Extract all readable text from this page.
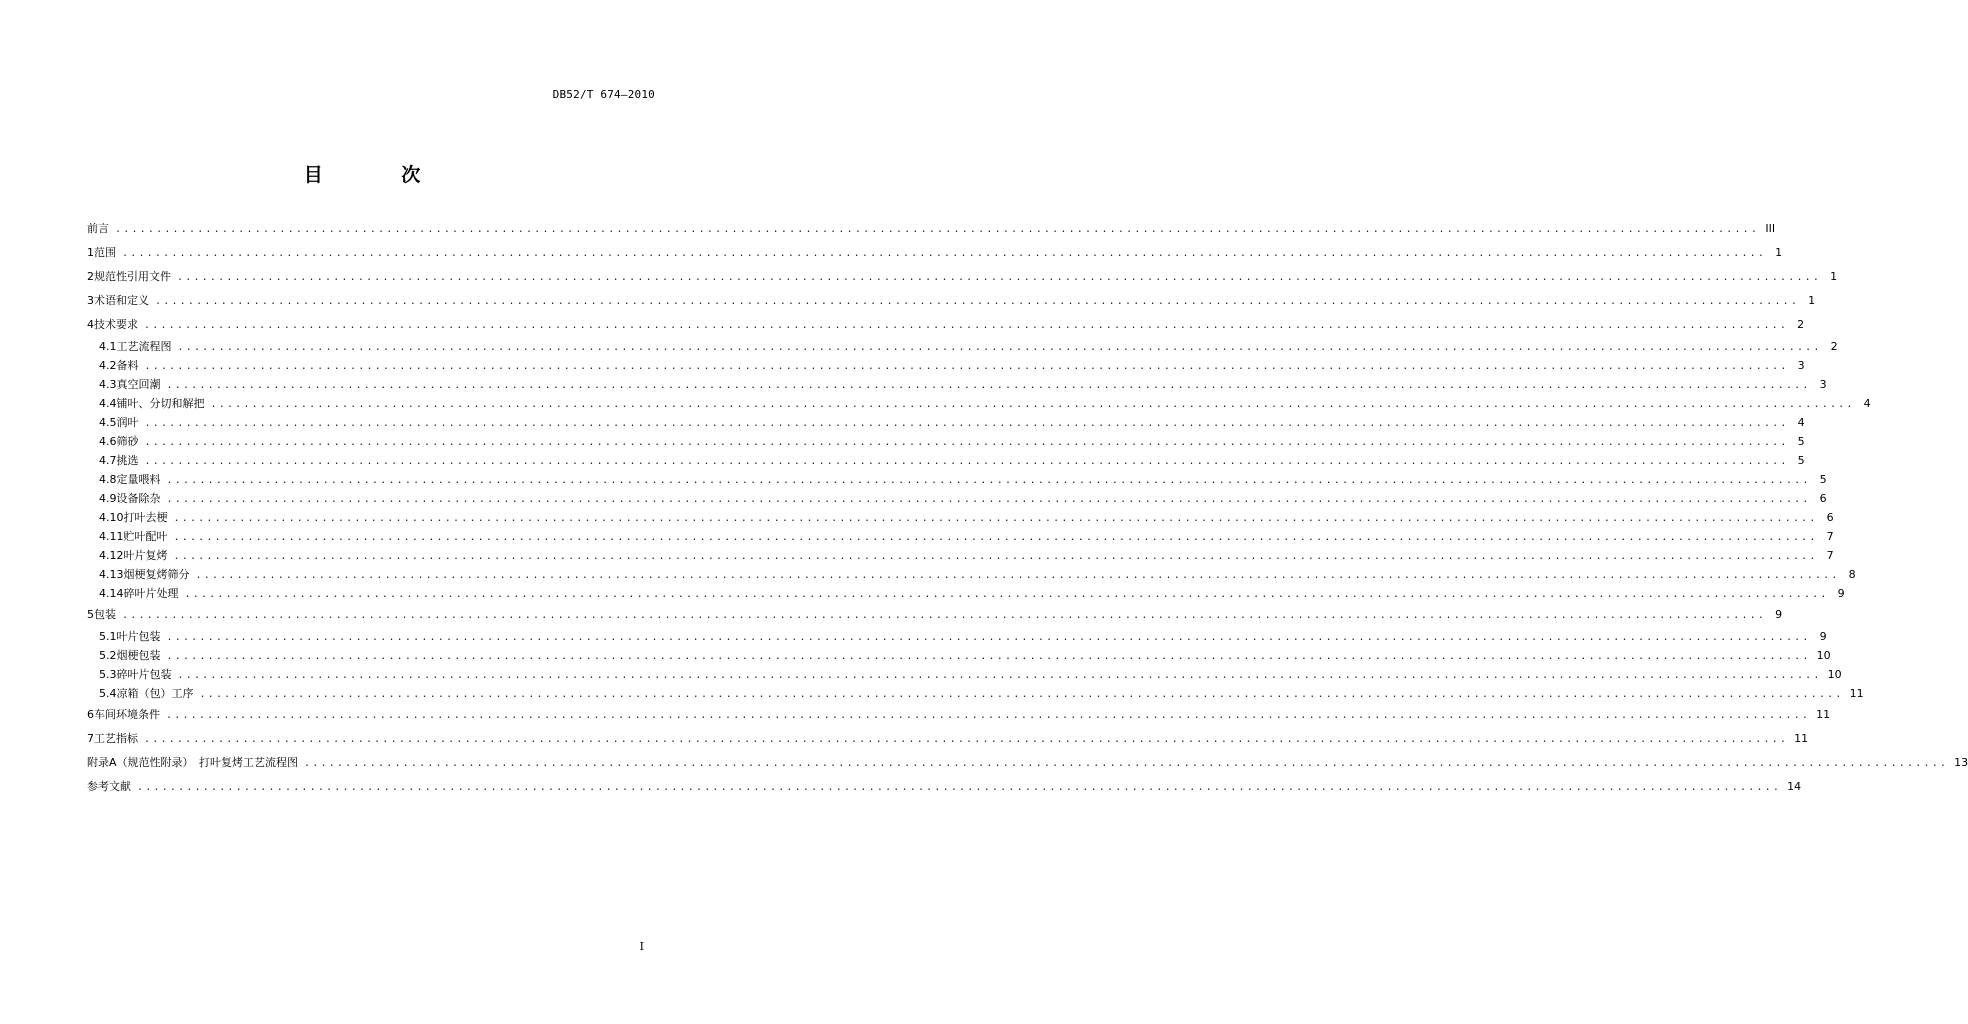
DB52/T 674—2010
目 次
前言 ........................................................................................................................................................................................................ III
1 范围 ........................................................................................................................................................................................................ 1
2 规范性引用文件 ........................................................................................................................................................................................................ 1
3 术语和定义 ........................................................................................................................................................................................................ 1
4 技术要求 ........................................................................................................................................................................................................ 2
4.1 工艺流程图 ........................................................................................................................................................................................................ 2
4.2 备料 ........................................................................................................................................................................................................ 3
4.3 真空回潮 ........................................................................................................................................................................................................ 3
4.4 铺叶、分切和解把 ........................................................................................................................................................................................................ 4
4.5 润叶 ........................................................................................................................................................................................................ 4
4.6 筛砂 ........................................................................................................................................................................................................ 5
4.7 挑选 ........................................................................................................................................................................................................ 5
4.8 定量喂料 ........................................................................................................................................................................................................ 5
4.9 设备除杂 ........................................................................................................................................................................................................ 6
4.10 打叶去梗 ........................................................................................................................................................................................................ 6
4.11 贮叶配叶 ........................................................................................................................................................................................................ 7
4.12 叶片复烤 ........................................................................................................................................................................................................ 7
4.13 烟梗复烤筛分 ........................................................................................................................................................................................................ 8
4.14 碎叶片处理 ........................................................................................................................................................................................................ 9
5 包装 ........................................................................................................................................................................................................ 9
5.1 叶片包装 ........................................................................................................................................................................................................ 9
5.2 烟梗包装 ........................................................................................................................................................................................................ 10
5.3 碎叶片包装 ........................................................................................................................................................................................................ 10
5.4 凉箱（包）工序 ........................................................................................................................................................................................................ 11
6 车间环境条件 ........................................................................................................................................................................................................ 11
7 工艺指标 ........................................................................................................................................................................................................ 11
附录A（规范性附录）　打叶复烤工艺流程图 ........................................................................................................................................................................................................ 13
参考文献 ........................................................................................................................................................................................................ 14
I
